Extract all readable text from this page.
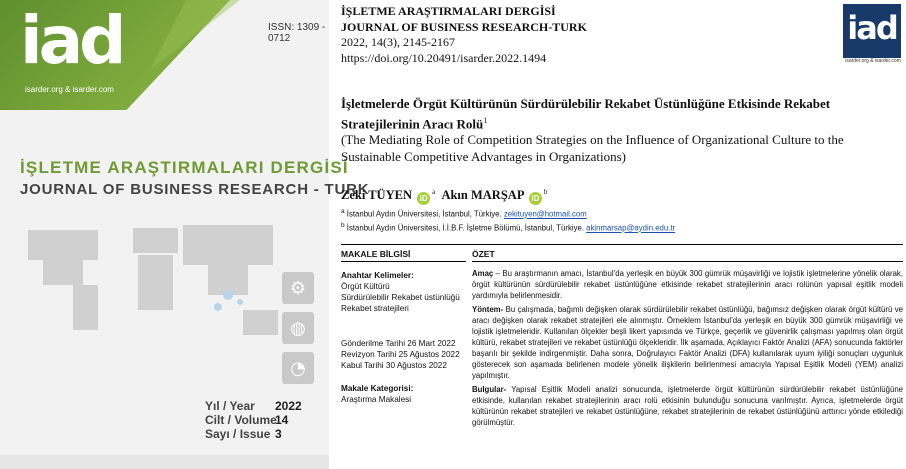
iad
isarder.org & isarder.com
ISSN: 1309 - 0712
İŞLETME ARAŞTIRMALARI DERGİSİ
JOURNAL OF BUSINESS RESEARCH - TURK
⚙
◍
◔
Yıl / Year 2022
Cilt / Volume14
Sayı / Issue 3
İŞLETME ARAŞTIRMALARI DERGİSİ
JOURNAL OF BUSINESS RESEARCH-TURK
2022, 14(3), 2145-2167
https://doi.org/10.20491/isarder.2022.1494
iad
isarder.org & isarder.com
İşletmelerde Örgüt Kültürünün Sürdürülebilir Rekabet Üstünlüğüne Etkisinde Rekabet Stratejilerinin Aracı Rolü$^1$
(The Mediating Role of Competition Strategies on the Influence of Organizational Culture to the Sustainable Competitive Advantages in Organizations)
Zeki TÜYEN $iD^a$ Akın MARŞAP $iD^b$
$^a$ İstanbul Aydın Üniversitesi, İstanbul, Türkiye. zekituyen@hotmail.com
$^b$ İstanbul Aydın Üniversitesi, İ.İ.B.F. İşletme Bölümü, İstanbul, Türkiye. akinmarsap@aydin.edu.tr
MAKALE BİLGİSİ	ÖZET
Anahtar Kelimeler:
Örgüt Kültürü
Sürdürülebilir Rekabet üstünlüğü
Rekabet stratejileri
Gönderilme Tarihi 26 Mart 2022
Revizyon Tarihi 25 Ağustos 2022
Kabul Tarihi 30 Ağustos 2022
Makale Kategorisi:
Araştırma Makalesi

Amaç – Bu araştırmanın amacı, İstanbul’da yerleşik en büyük 300 gümrük müşavirliği ve lojistik işletmelerine yönelik olarak, örgüt kültürünün sürdürülebilir rekabet üstünlüğüne etkisinde rekabet stratejilerinin aracı rolünün yapısal eşitlik modeli yardımıyla belirlenmesidir.

Yöntem- Bu çalışmada, bağımlı değişken olarak sürdürülebilir rekabet üstünlüğü, bağımsız değişken olarak örgüt kültürü ve aracı değişken olarak rekabet stratejileri ele alınmıştır. Örneklem İstanbul’da yerleşik en büyük 300 gümrük müşavirliği ve lojistik işletmeleridir. Kullanılan ölçekler beşli likert yapısında ve Türkçe, geçerlik ve güvenirlik çalışması yapılmış olan örgüt kültürü, rekabet stratejileri ve rekabet üstünlüğü ölçekleridir. İlk aşamada, Açıklayıcı Faktör Analizi (AFA) sonucunda faktörler başarılı bir şekilde indirgenmiştir. Daha sonra, Doğrulayıcı Faktör Analizi (DFA) kullanılarak uyum iyiliği sonuçları uygunluk gösterecek son aşamada belirlenen modele yönelik ilişkilerin belirlenmesi amacıyla Yapısal Eşitlik Modeli (YEM) analizi yapılmıştır.

Bulgular- Yapısal Eşitlik Modeli analizi sonucunda, işletmelerde örgüt kültürünün sürdürülebilir rekabet üstünlüğüne etkisinde, kullanılan rekabet stratejilerinin aracı rolü etkisinin bulunduğu sonucuna varılmıştır. Ayrıca, işletmelerde örgüt kültürünün rekabet stratejileri ve rekabet üstünlüğüne, rekabet stratejilerinin de rekabet üstünlüğünü arttırıcı yönde etkilediği görülmüştür.
